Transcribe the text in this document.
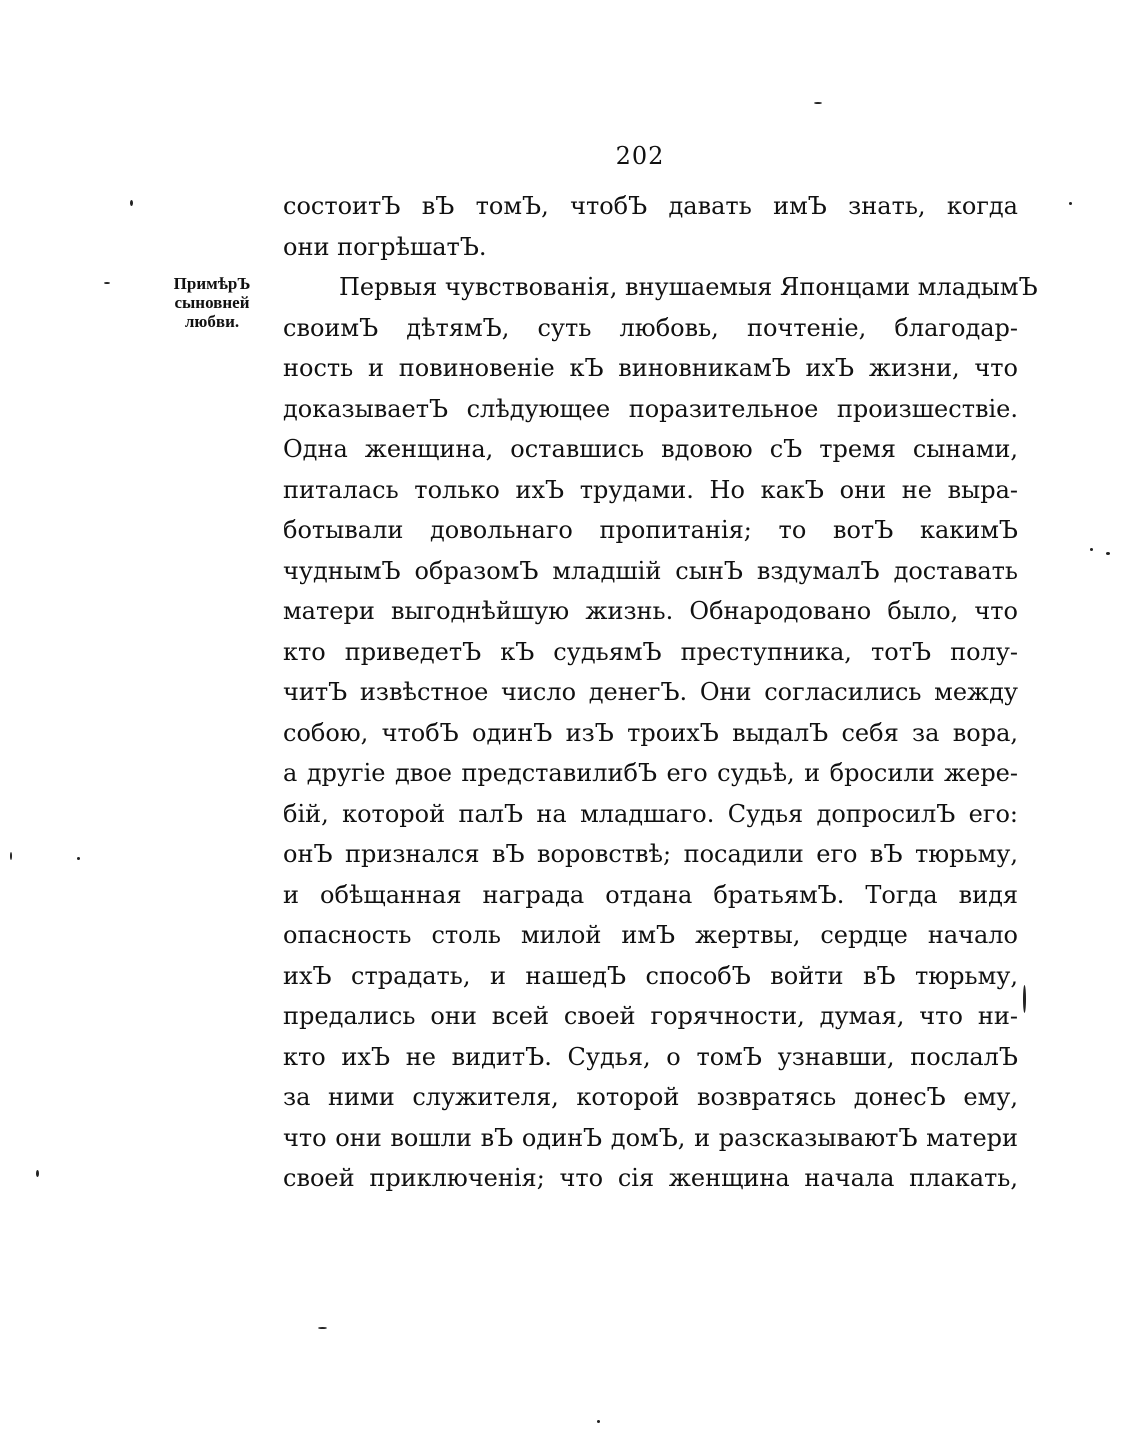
202
ПримѣрЪ
сыновней
любви.
состоитЪ вЪ томЪ, чтобЪ давать имЪ знать, когда
они погрѣшатЪ.
Первыя чувствованія, внушаемыя Японцами младымЪ
своимЪ дѣтямЪ, суть любовь, почтеніе, благодар-
ность и повиновеніе кЪ виновникамЪ ихЪ жизни, что
доказываетЪ слѣдующее поразительное произшествіе.
Одна женщина, оставшись вдовою сЪ тремя сынами,
питалась только ихЪ трудами. Но какЪ они не выра-
ботывали довольнаго пропитанія; то вотЪ какимЪ
чуднымЪ образомЪ младшій сынЪ вздумалЪ доставать
матери выгоднѣйшую жизнь. Обнародовано было, что
кто приведетЪ кЪ судьямЪ преступника, тотЪ полу-
читЪ извѣстное число денегЪ. Они согласились между
собою, чтобЪ одинЪ изЪ троихЪ выдалЪ себя за вора,
а другіе двое представилибЪ его судьѣ, и бросили жере-
бій, которой палЪ на младшаго. Судья допросилЪ его:
онЪ признался вЪ воровствѣ; посадили его вЪ тюрьму,
и обѣщанная награда отдана братьямЪ. Тогда видя
опасность столь милой имЪ жертвы, сердце начало
ихЪ страдать, и нашедЪ способЪ войти вЪ тюрьму,
предались они всей своей горячности, думая, что ни-
кто ихЪ не видитЪ. Судья, о томЪ узнавши, послалЪ
за ними служителя, которой возвратясь донесЪ ему,
что они вошли вЪ одинЪ домЪ, и разсказываютЪ матери
своей приключенія; что сія женщина начала плакать,
